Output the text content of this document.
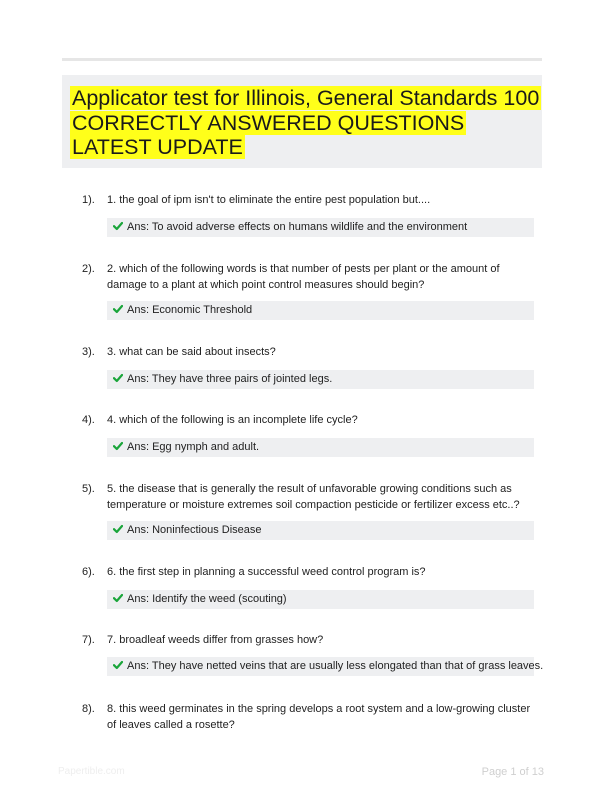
Applicator test for Illinois, General Standards 100 CORRECTLY ANSWERED QUESTIONS LATEST UPDATE
1). 1. the goal of ipm isn't to eliminate the entire pest population but....
Ans: To avoid adverse effects on humans wildlife and the environment
2). 2. which of the following words is that number of pests per plant or the amount of damage to a plant at which point control measures should begin?
Ans: Economic Threshold
3). 3. what can be said about insects?
Ans: They have three pairs of jointed legs.
4). 4. which of the following is an incomplete life cycle?
Ans: Egg nymph and adult.
5). 5. the disease that is generally the result of unfavorable growing conditions such as temperature or moisture extremes soil compaction pesticide or fertilizer excess etc..?
Ans: Noninfectious Disease
6). 6. the first step in planning a successful weed control program is?
Ans: Identify the weed (scouting)
7). 7. broadleaf weeds differ from grasses how?
Ans: They have netted veins that are usually less elongated than that of grass leaves.
8). 8. this weed germinates in the spring develops a root system and a low-growing cluster of leaves called a rosette?
Papertible.com	Page 1 of 13
